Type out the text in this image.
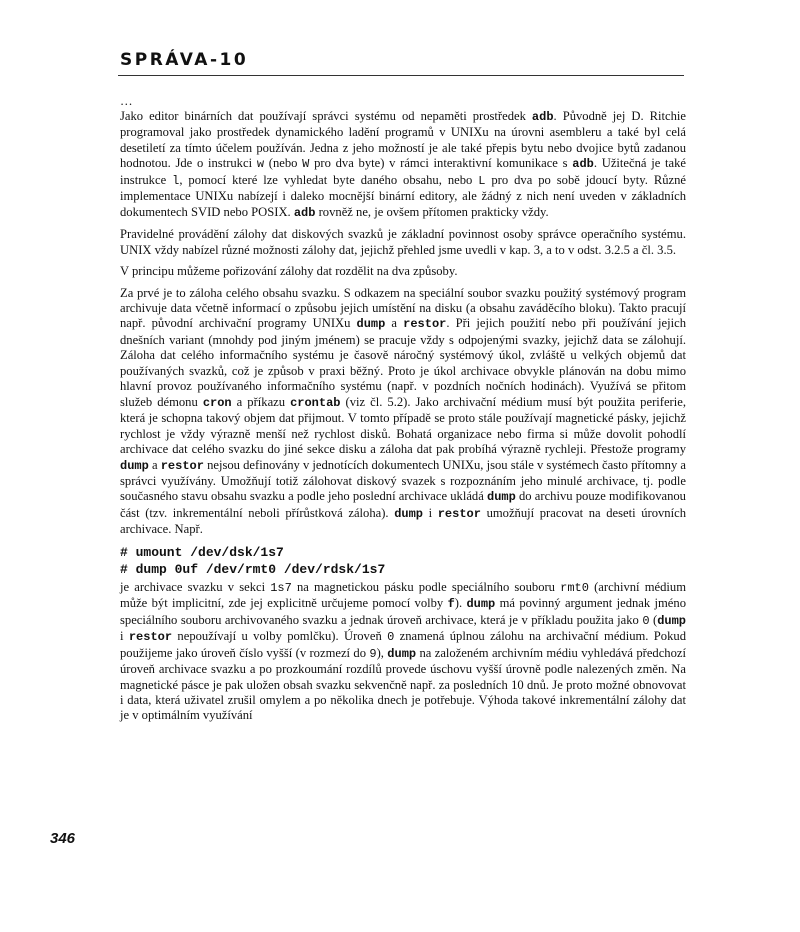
SPRÁVA-10
…

Jako editor binárních dat používají správci systému od nepaměti prostředek adb. Původně jej D. Ritchie programoval jako prostředek dynamického ladění programů v UNIXu na úrovni asembleru a také byl celá desetiletí za tímto účelem používán. Jedna z jeho možností je ale také přepis bytu nebo dvojice bytů zadanou hodnotou. Jde o instrukci w (nebo W pro dva byte) v rámci interaktivní komunikace s adb. Užitečná je také instrukce l, pomocí které lze vyhledat byte daného obsahu, nebo L pro dva po sobě jdoucí byty. Různé implementace UNIXu nabízejí i daleko mocnější binární editory, ale žádný z nich není uveden v základních dokumentech SVID nebo POSIX. adb rovněž ne, je ovšem přítomen prakticky vždy.

Pravidelné provádění zálohy dat diskových svazků je základní povinnost osoby správce operačního systému. UNIX vždy nabízel různé možnosti zálohy dat, jejichž přehled jsme uvedli v kap. 3, a to v odst. 3.2.5 a čl. 3.5.

V principu můžeme pořizování zálohy dat rozdělit na dva způsoby.

Za prvé je to záloha celého obsahu svazku. S odkazem na speciální soubor svazku použitý systémový program archivuje data včetně informací o způsobu jejich umístění na disku (a obsahu zaváděcího bloku). Takto pracují např. původní archivační programy UNIXu dump a restor. Při jejich použití nebo při používání jejich dnešních variant (mnohdy pod jiným jménem) se pracuje vždy s odpojenými svazky, jejichž data se zálohují. Záloha dat celého informačního systému je časově náročný systémový úkol, zvláště u velkých objemů dat používaných svazků, což je způsob v praxi běžný. Proto je úkol archivace obvykle plánován na dobu mimo hlavní provoz používaného informačního systému (např. v pozdních nočních hodinách). Využívá se přitom služeb démonu cron a příkazu crontab (viz čl. 5.2). Jako archivační médium musí být použita periferie, která je schopna takový objem dat přijmout. V tomto případě se proto stále používají magnetické pásky, jejichž rychlost je vždy výrazně menší než rychlost disků. Bohatá organizace nebo firma si může dovolit pohodlí archivace dat celého svazku do jiné sekce disku a záloha dat pak probíhá výrazně rychleji. Přestože programy dump a restor nejsou definovány v jednotících dokumentech UNIXu, jsou stále v systémech často přítomny a správci využívány. Umožňují totiž zálohovat diskový svazek s rozpoznáním jeho minulé archivace, tj. podle současného stavu obsahu svazku a podle jeho poslední archivace ukládá dump do archivu pouze modifikovanou část (tzv. inkrementální neboli přírůstková záloha). dump i restor umožňují pracovat na deseti úrovních archivace. Např.

# umount /dev/dsk/1s7
# dump 0uf /dev/rmt0 /dev/rdsk/1s7

je archivace svazku v sekci 1s7 na magnetickou pásku podle speciálního souboru rmt0 (archivní médium může být implicitní, zde jej explicitně určujeme pomocí volby f). dump má povinný argument jednak jméno speciálního souboru archivovaného svazku a jednak úroveň archivace, která je v příkladu použita jako 0 (dump i restor nepoužívají u volby pomlčku). Úroveň 0 znamená úplnou zálohu na archivační médium. Pokud použijeme jako úroveň číslo vyšší (v rozmezí do 9), dump na založeném archivním médiu vyhledává předchozí úroveň archivace svazku a po prozkoumání rozdílů provede úschovu vyšší úrovně podle nalezených změn. Na magnetické pásce je pak uložen obsah svazku sekvenčně např. za posledních 10 dnů. Je proto možné obnovovat i data, která uživatel zrušil omylem a po několika dnech je potřebuje. Výhoda takové inkrementální zálohy dat je v optimálním využívání

346
